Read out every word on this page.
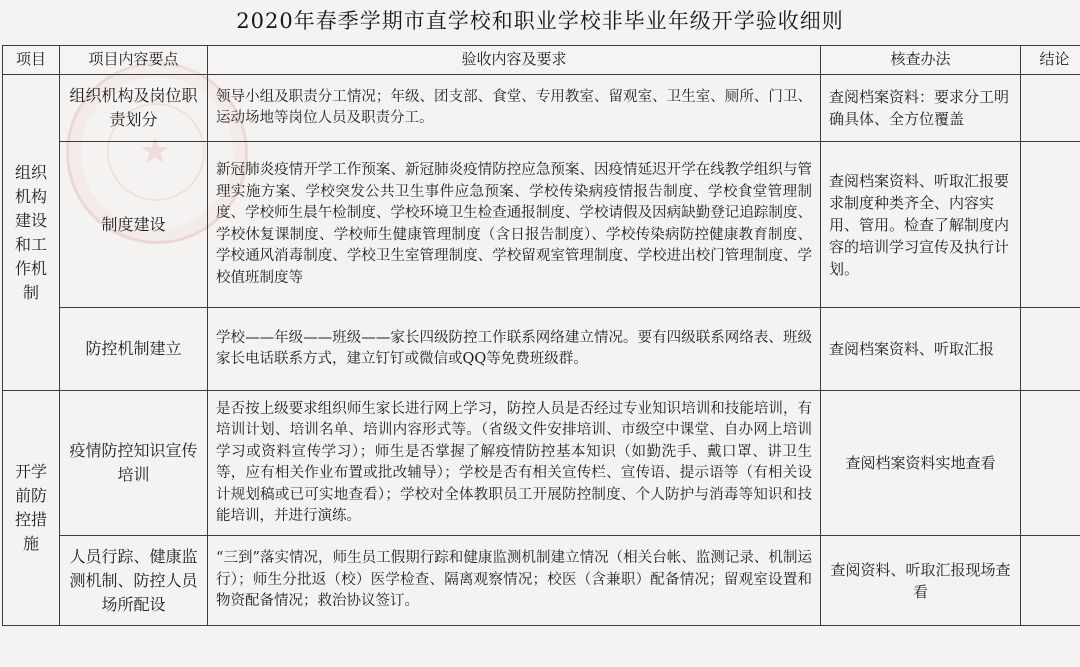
★
2020年春季学期市直学校和职业学校非毕业年级开学验收细则
项目	项目内容要点	验收内容及要求	核查办法	结论
组织机构建设和工作机制	组织机构及岗位职责划分	领导小组及职责分工情况；年级、团支部、食堂、专用教室、留观室、卫生室、厕所、门卫、运动场地等岗位人员及职责分工。	查阅档案资料：要求分工明确具体、全方位覆盖	
	制度建设	新冠肺炎疫情开学工作预案、新冠肺炎疫情防控应急预案、因疫情延迟开学在线教学组织与管理实施方案、学校突发公共卫生事件应急预案、学校传染病疫情报告制度、学校食堂管理制度、学校师生晨午检制度、学校环境卫生检查通报制度、学校请假及因病缺勤登记追踪制度、学校休复课制度、学校师生健康管理制度（含日报告制度）、学校传染病防控健康教育制度、学校通风消毒制度、学校卫生室管理制度、学校留观室管理制度、学校进出校门管理制度、学校值班制度等	查阅档案资料、听取汇报要求制度种类齐全、内容实用、管用。检查了解制度内容的培训学习宣传及执行计划。	
	防控机制建立	学校——年级——班级——家长四级防控工作联系网络建立情况。要有四级联系网络表、班级家长电话联系方式，建立钉钉或微信或QQ等免费班级群。	查阅档案资料、听取汇报	
开学前防控措施	疫情防控知识宣传培训	是否按上级要求组织师生家长进行网上学习，防控人员是否经过专业知识培训和技能培训，有培训计划、培训名单、培训内容形式等。（省级文件安排培训、市级空中课堂、自办网上培训学习或资料宣传学习）；师生是否掌握了解疫情防控基本知识（如勤洗手、戴口罩、讲卫生等，应有相关作业布置或批改辅导）；学校是否有相关宣传栏、宣传语、提示语等（有相关设计规划稿或已可实地查看）；学校对全体教职员工开展防控制度、个人防护与消毒等知识和技能培训，并进行演练。	查阅档案资料实地查看	
	人员行踪、健康监测机制、防控人员场所配设	“三到”落实情况，师生员工假期行踪和健康监测机制建立情况（相关台帐、监测记录、机制运行）；师生分批返（校）医学检查、隔离观察情况；校医（含兼职）配备情况；留观室设置和物资配备情况；救治协议签订。	查阅资料、听取汇报现场查看	
